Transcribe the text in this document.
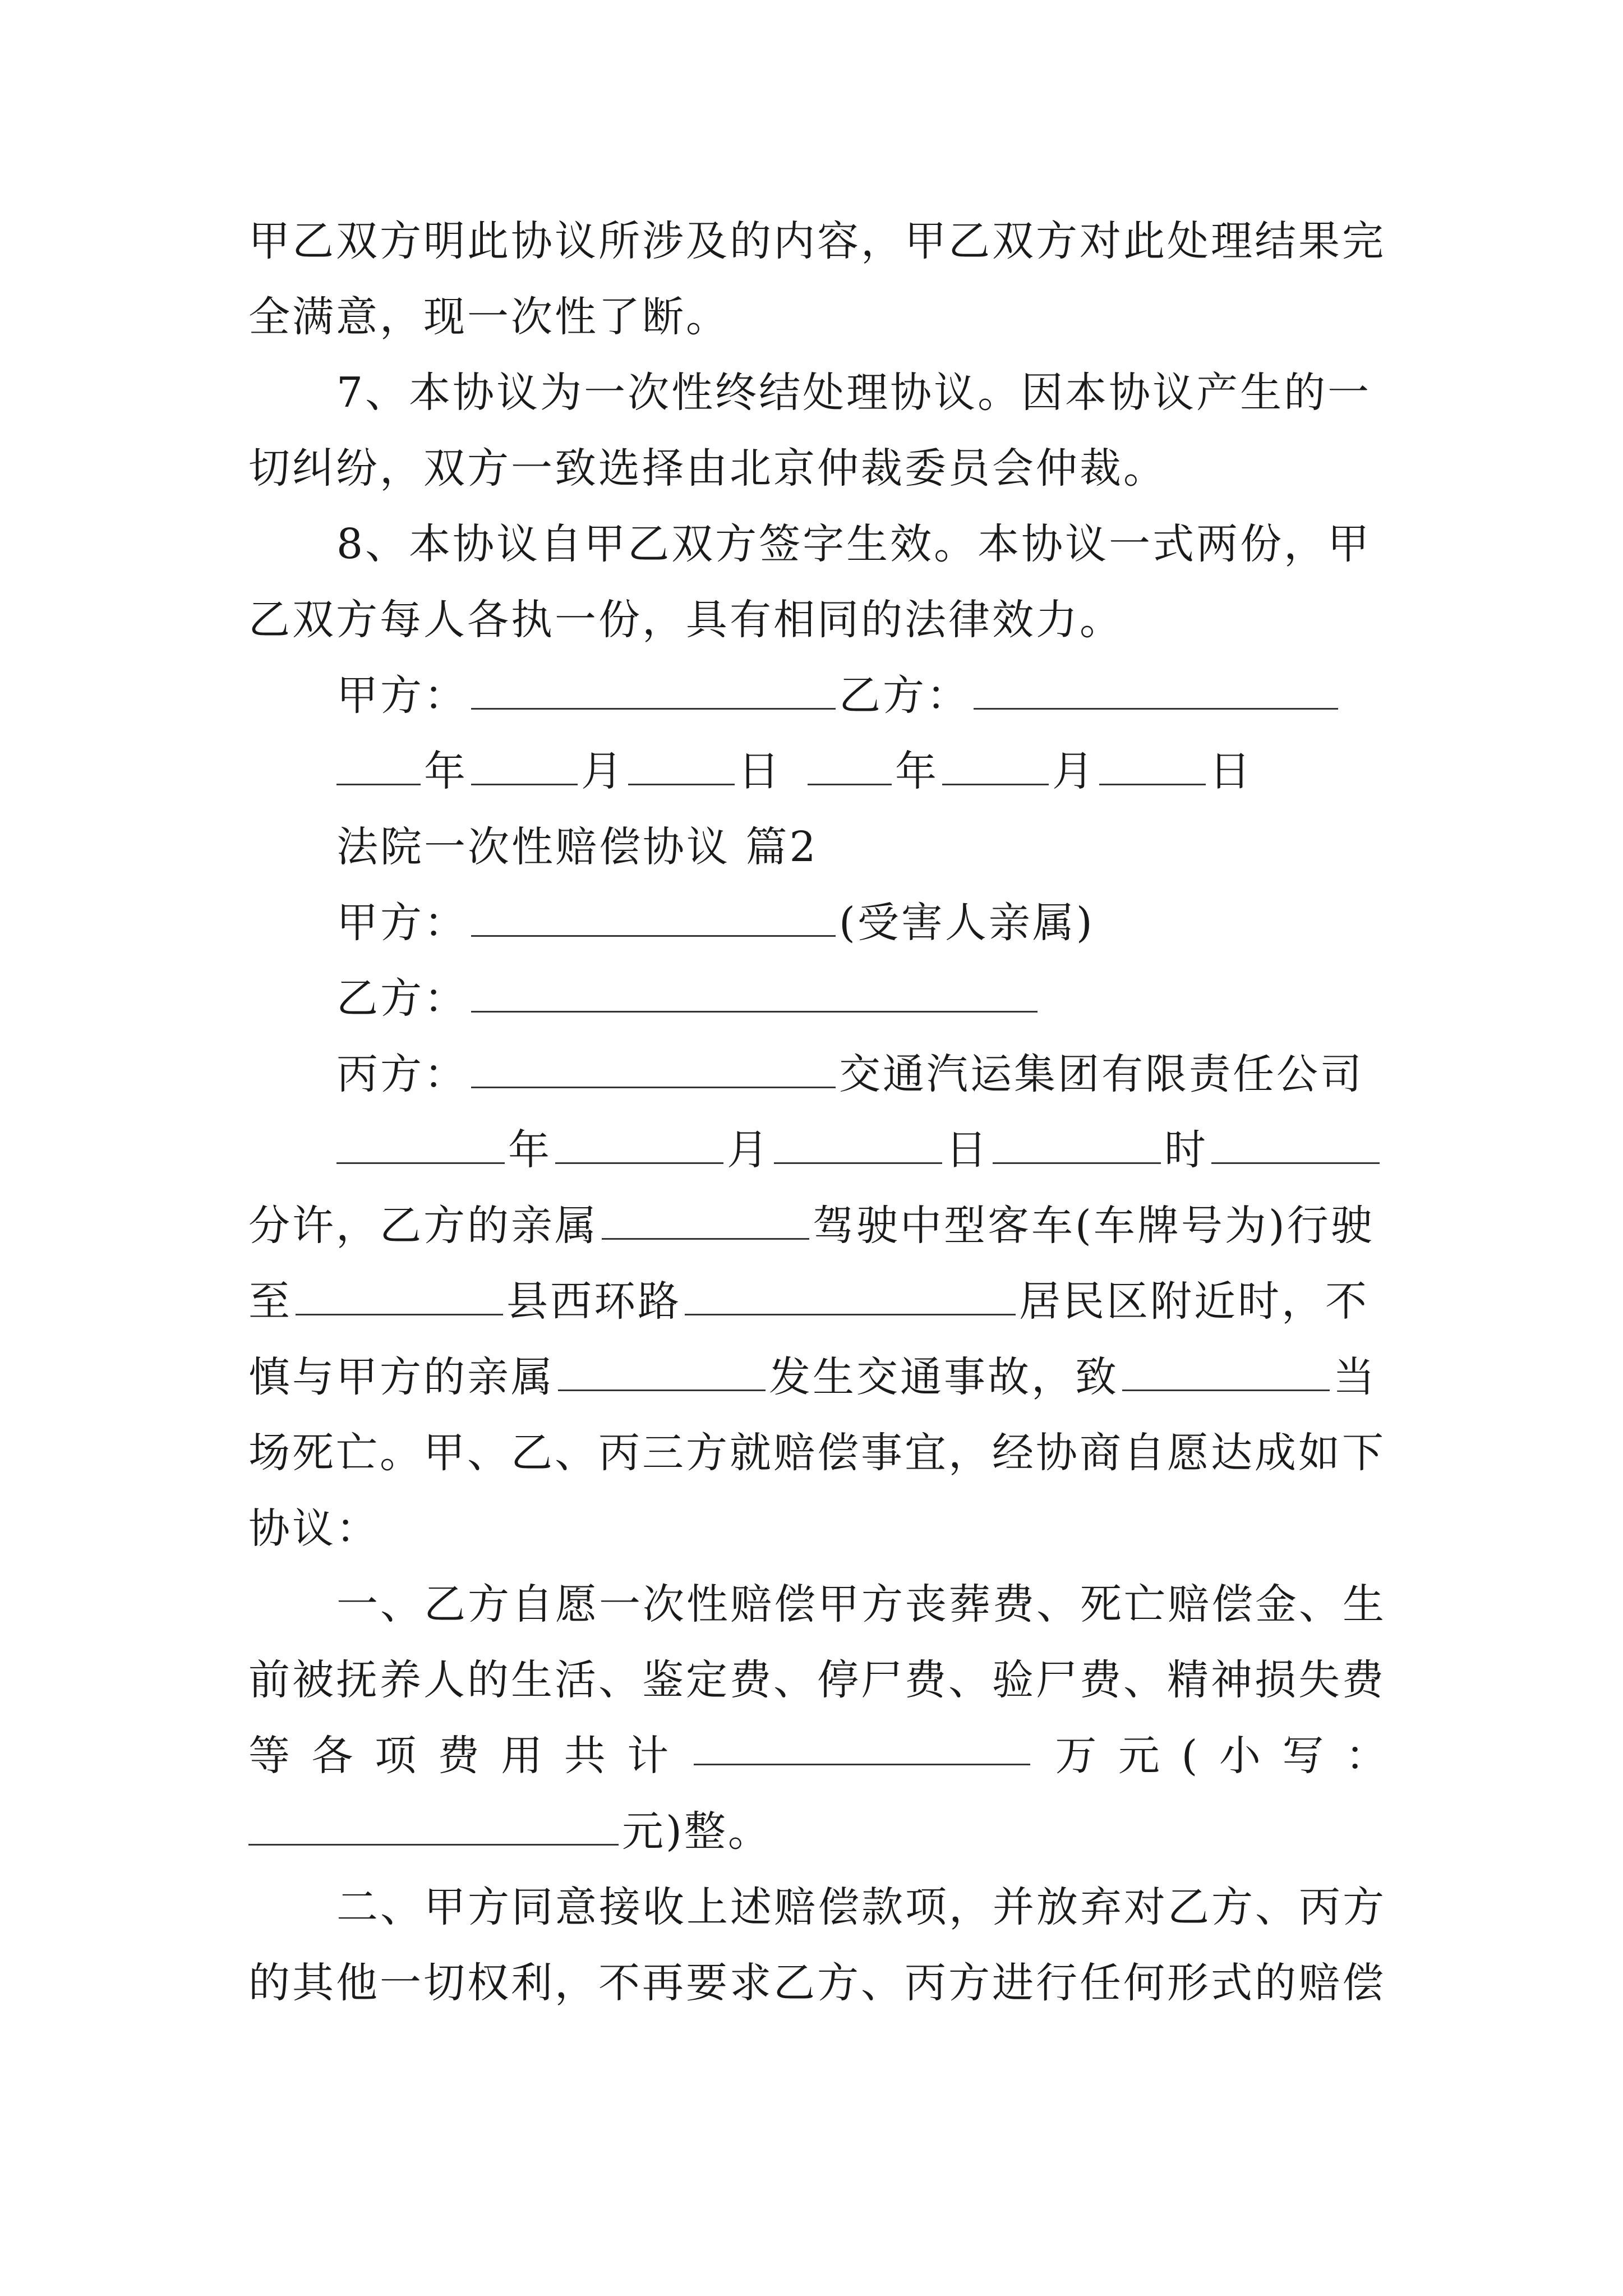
甲乙双方明此协议所涉及的内容，甲乙双方对此处理结果完
全满意，现一次性了断。
7、本协议为一次性终结处理协议。因本协议产生的一
切纠纷，双方一致选择由北京仲裁委员会仲裁。
8、本协议自甲乙双方签字生效。本协议一式两份，甲
乙双方每人各执一份，具有相同的法律效力。
甲方：	乙方：
年	月	日	年	月	日
法院一次性赔偿协议 篇2
甲方：	(受害人亲属)
乙方：
丙方：	交通汽运集团有限责任公司
年	月	日	时
分许，乙方的亲属	驾驶中型客车(车牌号为)行驶
至	县西环路	居民区附近时，不
慎与甲方的亲属	发生交通事故，致	当
场死亡。甲、乙、丙三方就赔偿事宜，经协商自愿达成如下
协议：
一、乙方自愿一次性赔偿甲方丧葬费、死亡赔偿金、生
前被抚养人的生活、鉴定费、停尸费、验尸费、精神损失费
等 各 项 费 用 共 计	万 元 ( 小 写 ：
元)整。
二、甲方同意接收上述赔偿款项，并放弃对乙方、丙方
的其他一切权利，不再要求乙方、丙方进行任何形式的赔偿
